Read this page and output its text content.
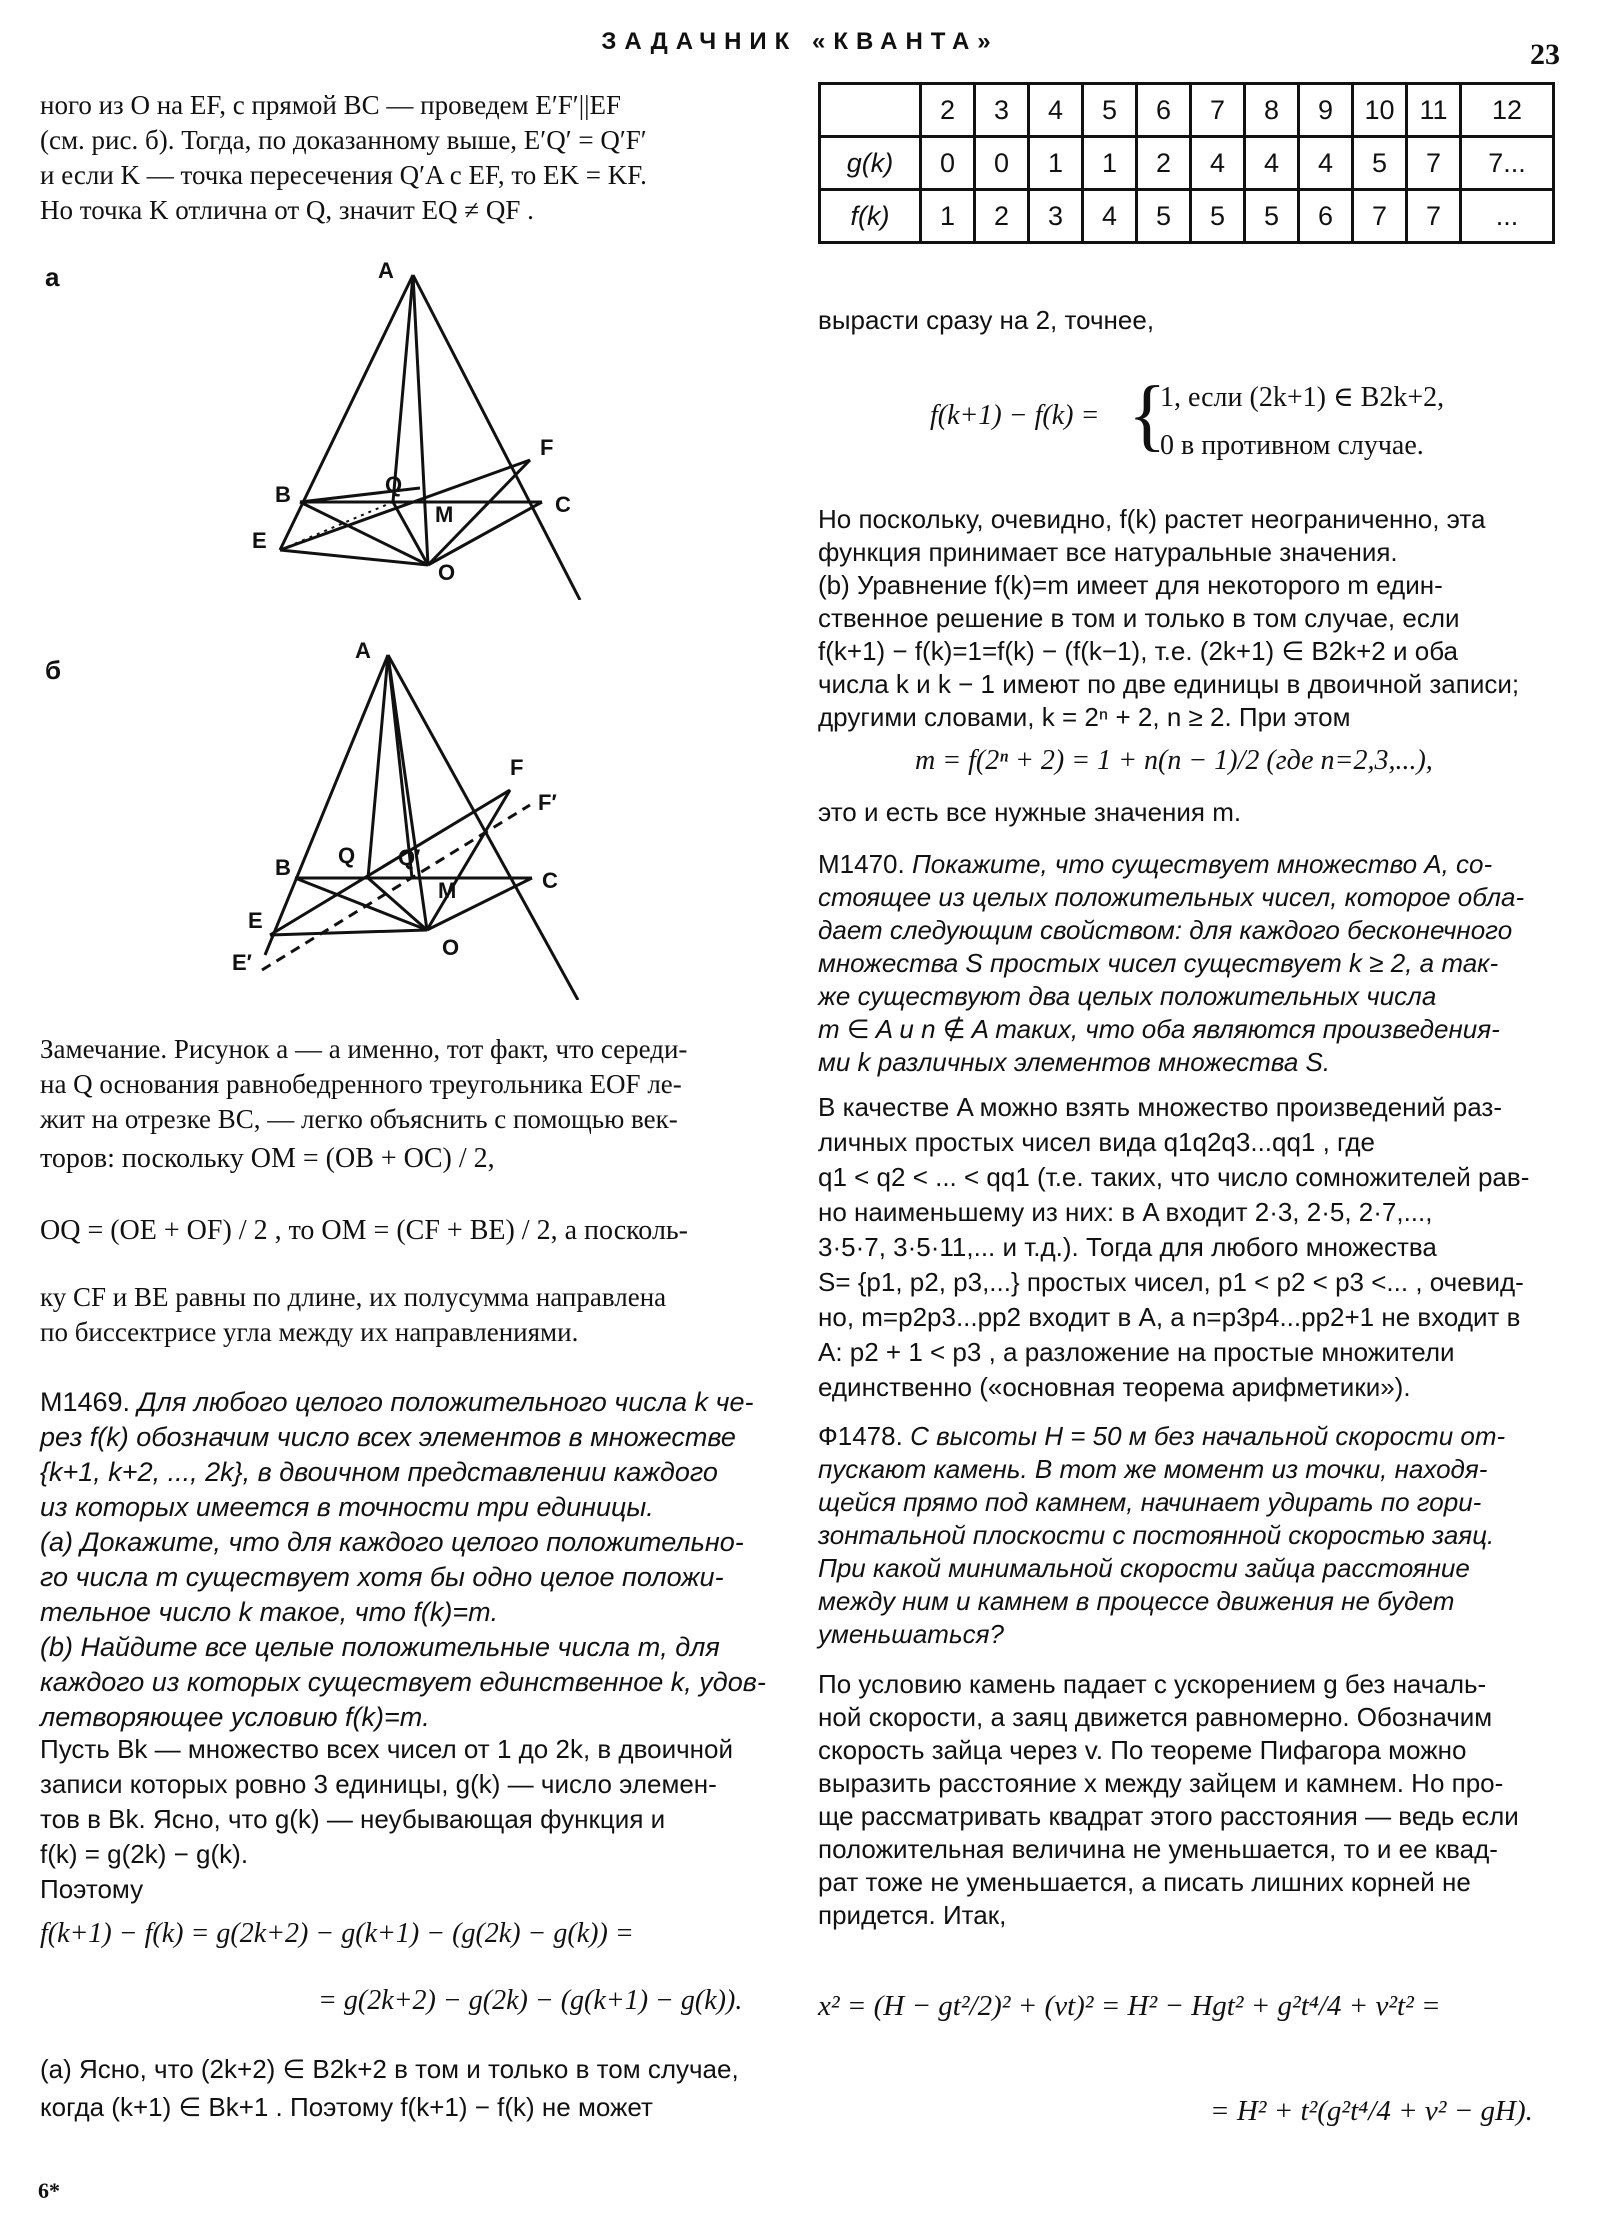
ЗАДАЧНИК «КВАНТА»	23
6*

ного из O на EF, с прямой BC — проведем E′F′||EF

(см. рис. б). Тогда, по доказанному выше, E′Q′ = Q′F′

и если K — точка пересечения Q′A с EF, то EK = KF.

Но точка K отлична от Q, значит EQ ≠ QF .

а	A
B	C
E
F
Q
M
O
б
A
B
C
E
E′
F
F′
Q Q′
M
O

Замечание. Рисунок а — а именно, тот факт, что середи-

на Q основания равнобедренного треугольника EOF ле-

жит на отрезке BC, — легко объяснить с помощью век-

торов: поскольку OM = (OB + OC) / 2,
OQ = (OE + OF) / 2 , то OM = (CF + BE) / 2, а посколь-

ку CF и BE равны по длине, их полусумма направлена

по биссектрисе угла между их направлениями.

М1469. Для любого целого положительного числа k че-

рез f(k) обозначим число всех элементов в множестве

{k+1, k+2, ..., 2k}, в двоичном представлении каждого

из которых имеется в точности три единицы.

(a) Докажите, что для каждого целого положительно-

го числа m существует хотя бы одно целое положи-

тельное число k такое, что f(k)=m.

(b) Найдите все целые положительные числа m, для

каждого из которых существует единственное k, удов-

летворяющее условию f(k)=m.

Пусть Bk — множество всех чисел от 1 до 2k, в двоичной

записи которых ровно 3 единицы, g(k) — число элемен-

тов в Bk. Ясно, что g(k) — неубывающая функция и

f(k) = g(2k) − g(k).

Поэтому

f(k+1) − f(k) = g(2k+2) − g(k+1) − (g(2k) − g(k)) =
= g(2k+2) − g(2k) − (g(k+1) − g(k)).

(a) Ясно, что (2k+2) ∈ B2k+2 в том и только в том случае,

когда (k+1) ∈ Bk+1 . Поэтому f(k+1) − f(k) не может

	2	3	4	5	6	7	8	9	10	11	12
g(k)	0	0	1	1	2	4	4	4	5	7	7...
f(k)	1	2	3	4	5	5	5	6	7	7	...
вырасти сразу на 2, точнее,
f(k+1) − f(k) = {
1, если (2k+1) ∈ B2k+2,
0 в противном случае.

Но поскольку, очевидно, f(k) растет неограниченно, эта

функция принимает все натуральные значения.

(b) Уравнение f(k)=m имеет для некоторого m един-

ственное решение в том и только в том случае, если

f(k+1) − f(k)=1=f(k) − (f(k−1), т.е. (2k+1) ∈ B2k+2 и оба

числа k и k − 1 имеют по две единицы в двоичной записи;

другими словами, k = 2ⁿ + 2, n ≥ 2. При этом

m = f(2ⁿ + 2) = 1 + n(n − 1)/2 (где n=2,3,...),
это и есть все нужные значения m.

М1470. Покажите, что существует множество A, со-

стоящее из целых положительных чисел, которое обла-

дает следующим свойством: для каждого бесконечного

множества S простых чисел существует k ≥ 2, а так-

же существуют два целых положительных числа

m ∈ A и n ∉ A таких, что оба являются произведения-

ми k различных элементов множества S.

В качестве A можно взять множество произведений раз-

личных простых чисел вида q1q2q3...qq1 , где

q1 < q2 < ... < qq1 (т.е. таких, что число сомножителей рав-

но наименьшему из них: в A входит 2·3, 2·5, 2·7,...,

3·5·7, 3·5·11,... и т.д.). Тогда для любого множества

S= {p1, p2, p3,...} простых чисел, p1 < p2 < p3 <... , очевид-

но, m=p2p3...pp2 входит в A, а n=p3p4...pp2+1 не входит в

A: p2 + 1 < p3 , а разложение на простые множители

единственно («основная теорема арифметики»).

Ф1478. С высоты H = 50 м без начальной скорости от-

пускают камень. В тот же момент из точки, находя-

щейся прямо под камнем, начинает удирать по гори-

зонтальной плоскости с постоянной скоростью заяц.

При какой минимальной скорости зайца расстояние

между ним и камнем в процессе движения не будет

уменьшаться?

По условию камень падает с ускорением g без началь-

ной скорости, а заяц движется равномерно. Обозначим

скорость зайца через v. По теореме Пифагора можно

выразить расстояние x между зайцем и камнем. Но про-

ще рассматривать квадрат этого расстояния — ведь если

положительная величина не уменьшается, то и ее квад-

рат тоже не уменьшается, а писать лишних корней не

придется. Итак,

x² = (H − gt²/2)² + (vt)² = H² − Hgt² + g²t⁴/4 + v²t² =
= H² + t²(g²t⁴/4 + v² − gH).
